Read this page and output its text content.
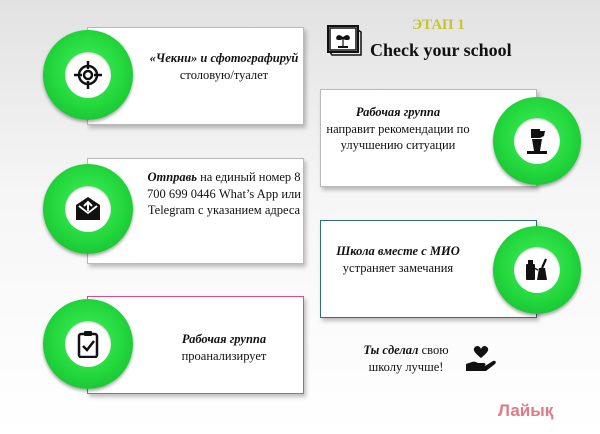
ЭТАП 1
Check your school
«Чекни» и сфотографируй
столовую/туалет
Рабочая группа
направит рекомендации по улучшению ситуации
Отправь на единый номер 8 700 699 0446 What’s App или Telegram с указанием адреса
Школа вместе с МИО устраняет замечания
Рабочая группа
проанализирует	Ты сделал свою школу лучше!
Лайық
